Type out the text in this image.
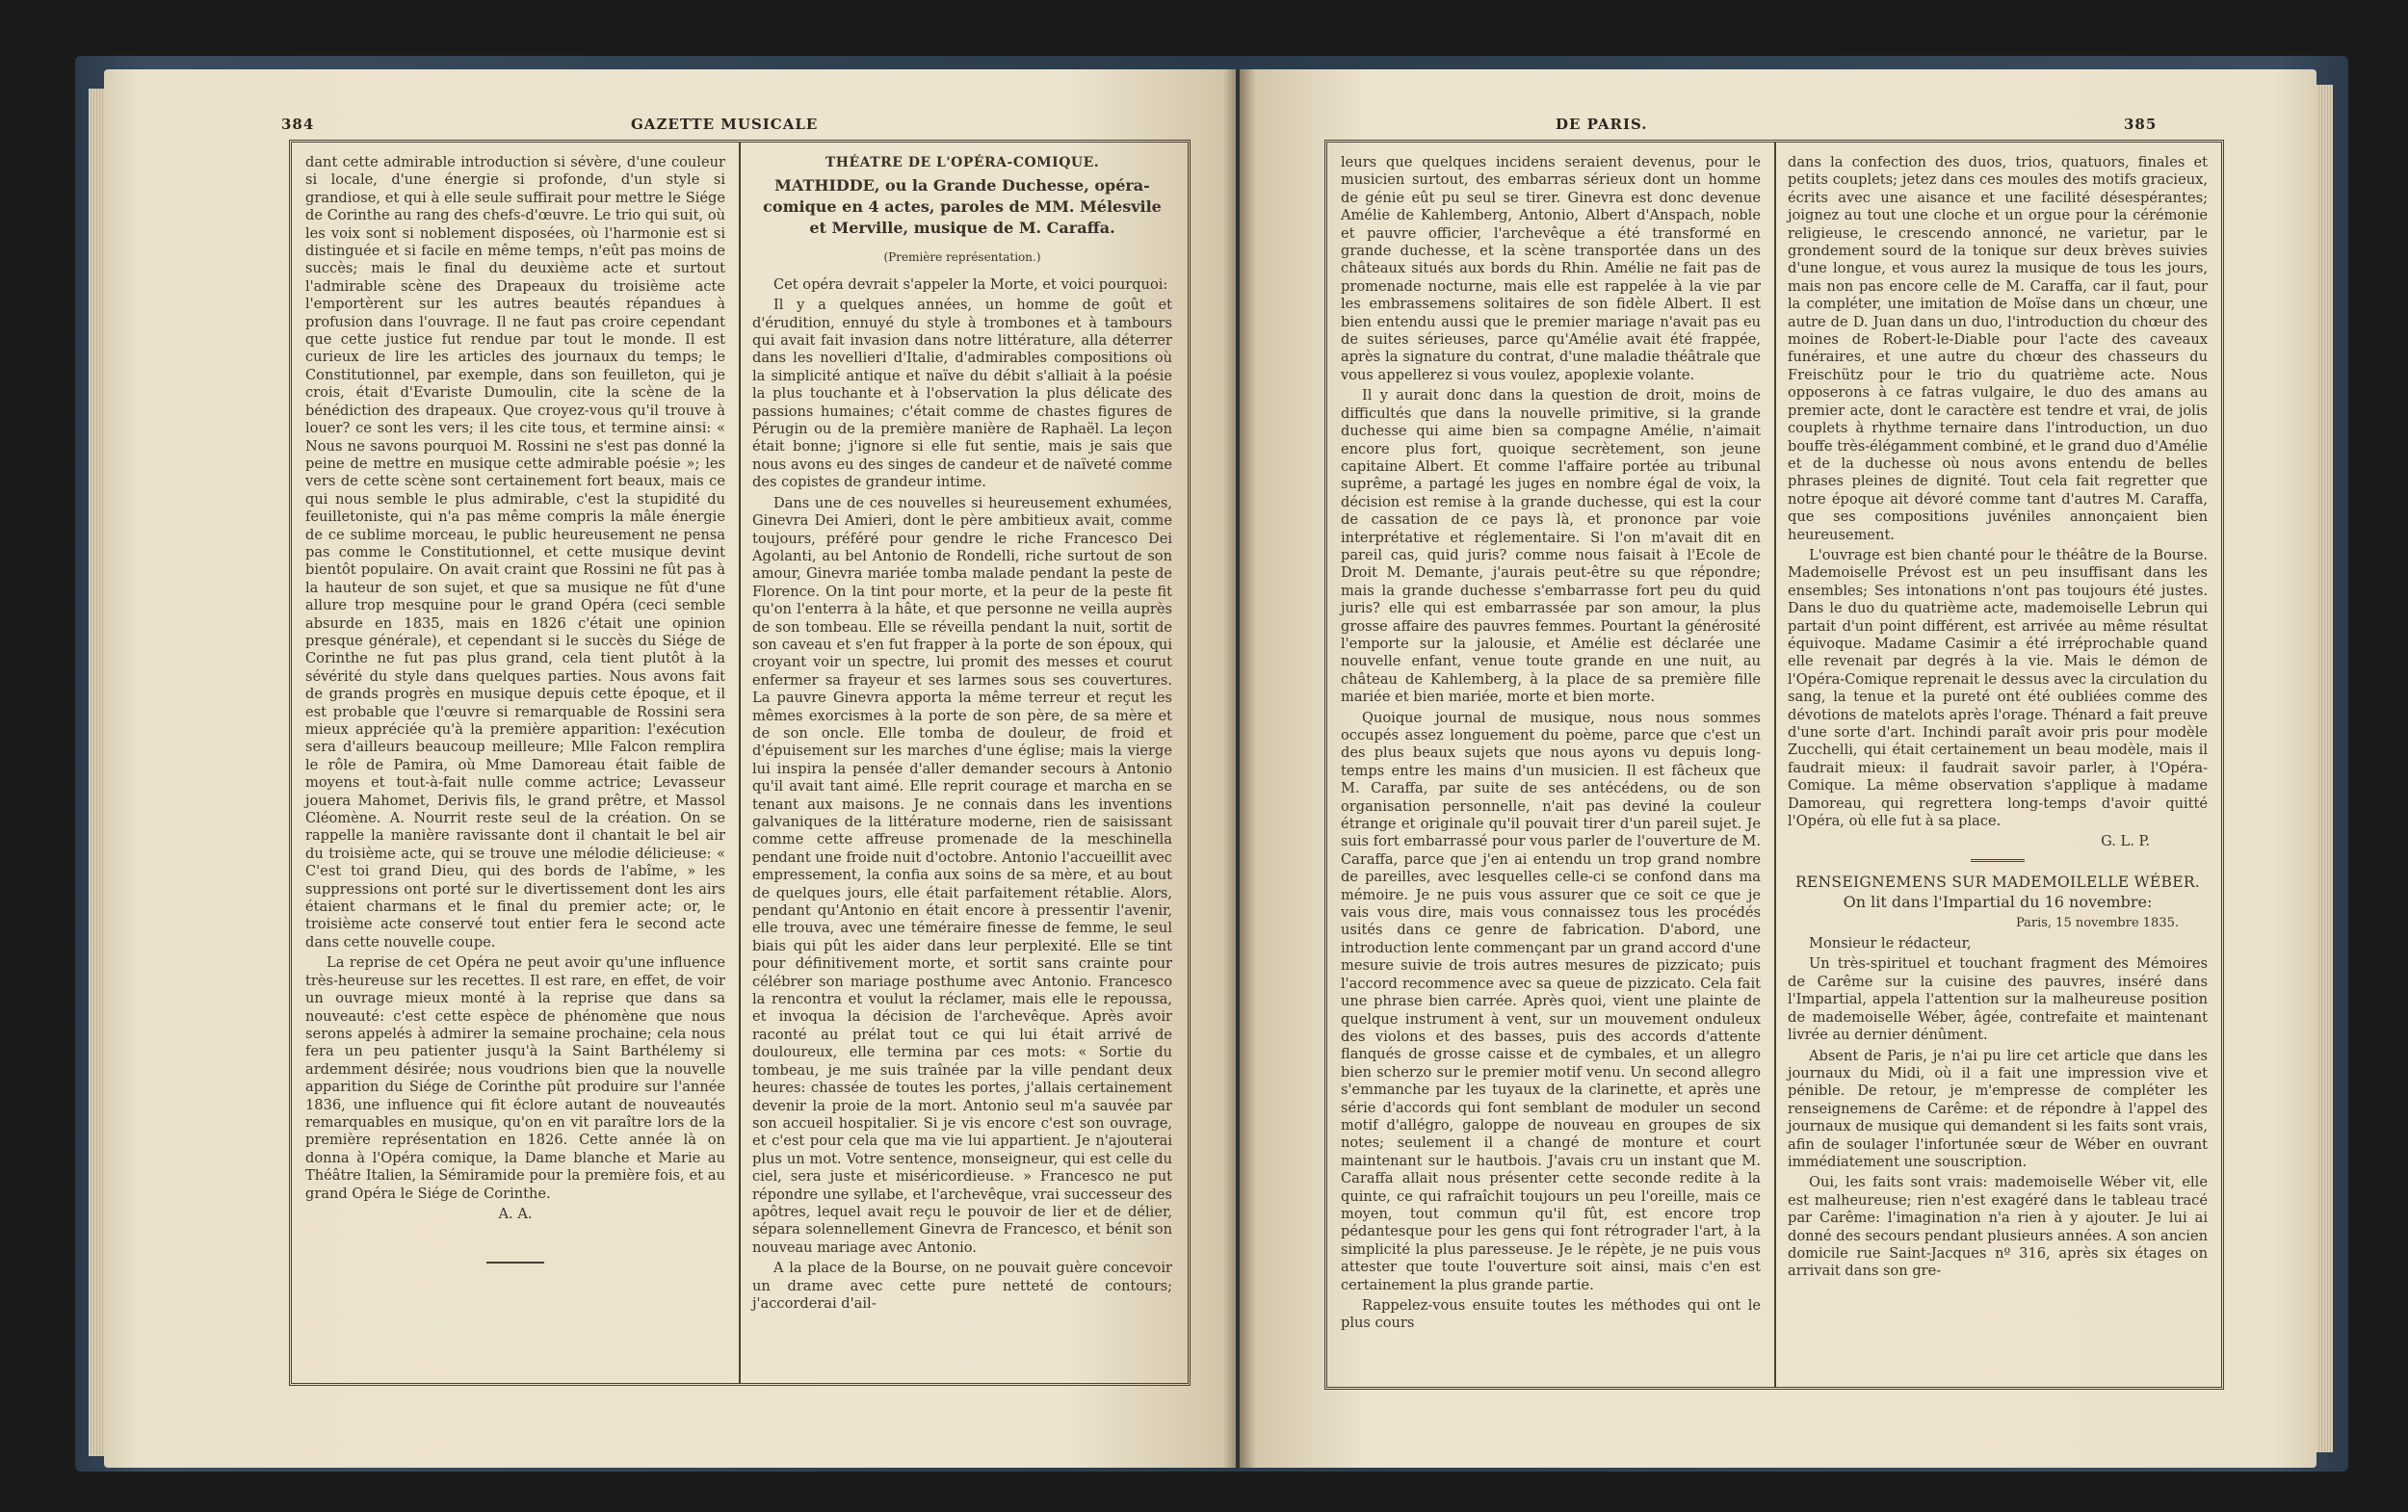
384	GAZETTE MUSICALE	DE PARIS.	385

dant cette admirable introduction si sévère, d'une couleur si locale, d'une énergie si profonde, d'un style si grandiose, et qui à elle seule suffirait pour mettre le Siége de Corinthe au rang des chefs-d'œuvre. Le trio qui suit, où les voix sont si noblement disposées, où l'harmonie est si distinguée et si facile en même temps, n'eût pas moins de succès; mais le final du deuxième acte et surtout l'admirable scène des Drapeaux du troisième acte l'emportèrent sur les autres beautés répandues à profusion dans l'ouvrage. Il ne faut pas croire cependant que cette justice fut rendue par tout le monde. Il est curieux de lire les articles des journaux du temps; le Constitutionnel, par exemple, dans son feuilleton, qui je crois, était d'Evariste Dumoulin, cite la scène de la bénédiction des drapeaux. Que croyez-vous qu'il trouve à louer? ce sont les vers; il les cite tous, et termine ainsi: « Nous ne savons pourquoi M. Rossini ne s'est pas donné la peine de mettre en musique cette admirable poésie »; les vers de cette scène sont certainement fort beaux, mais ce qui nous semble le plus admirable, c'est la stupidité du feuilletoniste, qui n'a pas même compris la mâle énergie de ce sublime morceau, le public heureusement ne pensa pas comme le Constitutionnel, et cette musique devint bientôt populaire. On avait craint que Rossini ne fût pas à la hauteur de son sujet, et que sa musique ne fût d'une allure trop mesquine pour le grand Opéra (ceci semble absurde en 1835, mais en 1826 c'était une opinion presque générale), et cependant si le succès du Siége de Corinthe ne fut pas plus grand, cela tient plutôt à la sévérité du style dans quelques parties. Nous avons fait de grands progrès en musique depuis cette époque, et il est probable que l'œuvre si remarquable de Rossini sera mieux appréciée qu'à la première apparition: l'exécution sera d'ailleurs beaucoup meilleure; Mlle Falcon remplira le rôle de Pamira, où Mme Damoreau était faible de moyens et tout-à-fait nulle comme actrice; Levasseur jouera Mahomet, Derivis fils, le grand prêtre, et Massol Cléomène. A. Nourrit reste seul de la création. On se rappelle la manière ravissante dont il chantait le bel air du troisième acte, qui se trouve une mélodie délicieuse: « C'est toi grand Dieu, qui des bords de l'abîme, » les suppressions ont porté sur le divertissement dont les airs étaient charmans et le final du premier acte; or, le troisième acte conservé tout entier fera le second acte dans cette nouvelle coupe.

La reprise de cet Opéra ne peut avoir qu'une influence très-heureuse sur les recettes. Il est rare, en effet, de voir un ouvrage mieux monté à la reprise que dans sa nouveauté: c'est cette espèce de phénomène que nous serons appelés à admirer la semaine prochaine; cela nous fera un peu patienter jusqu'à la Saint Barthélemy si ardemment désirée; nous voudrions bien que la nouvelle apparition du Siége de Corinthe pût produire sur l'année 1836, une influence qui fit éclore autant de nouveautés remarquables en musique, qu'on en vit paraître lors de la première représentation en 1826. Cette année là on donna à l'Opéra comique, la Dame blanche et Marie au Théâtre Italien, la Sémiramide pour la première fois, et au grand Opéra le Siége de Corinthe.

A. A.

THÉATRE DE L'OPÉRA-COMIQUE.

MATHIDDE, ou la Grande Duchesse, opéra-comique en 4 actes, paroles de MM. Mélesvile et Merville, musique de M. Caraffa.
(Première représentation.)

Cet opéra devrait s'appeler la Morte, et voici pourquoi:

Il y a quelques années, un homme de goût et d'érudition, ennuyé du style à trombones et à tambours qui avait fait invasion dans notre littérature, alla déterrer dans les novellieri d'Italie, d'admirables compositions où la simplicité antique et naïve du débit s'alliait à la poésie la plus touchante et à l'observation la plus délicate des passions humaines; c'était comme de chastes figures de Pérugin ou de la première manière de Raphaël. La leçon était bonne; j'ignore si elle fut sentie, mais je sais que nous avons eu des singes de candeur et de naïveté comme des copistes de grandeur intime.

Dans une de ces nouvelles si heureusement exhumées, Ginevra Dei Amieri, dont le père ambitieux avait, comme toujours, préféré pour gendre le riche Francesco Dei Agolanti, au bel Antonio de Rondelli, riche surtout de son amour, Ginevra mariée tomba malade pendant la peste de Florence. On la tint pour morte, et la peur de la peste fit qu'on l'enterra à la hâte, et que personne ne veilla auprès de son tombeau. Elle se réveilla pendant la nuit, sortit de son caveau et s'en fut frapper à la porte de son époux, qui croyant voir un spectre, lui promit des messes et courut enfermer sa frayeur et ses larmes sous ses couvertures. La pauvre Ginevra apporta la même terreur et reçut les mêmes exorcismes à la porte de son père, de sa mère et de son oncle. Elle tomba de douleur, de froid et d'épuisement sur les marches d'une église; mais la vierge lui inspira la pensée d'aller demander secours à Antonio qu'il avait tant aimé. Elle reprit courage et marcha en se tenant aux maisons. Je ne connais dans les inventions galvaniques de la littérature moderne, rien de saisissant comme cette affreuse promenade de la meschinella pendant une froide nuit d'octobre. Antonio l'accueillit avec empressement, la confia aux soins de sa mère, et au bout de quelques jours, elle était parfaitement rétablie. Alors, pendant qu'Antonio en était encore à pressentir l'avenir, elle trouva, avec une téméraire finesse de femme, le seul biais qui pût les aider dans leur perplexité. Elle se tint pour définitivement morte, et sortit sans crainte pour célébrer son mariage posthume avec Antonio. Francesco la rencontra et voulut la réclamer, mais elle le repoussa, et invoqua la décision de l'archevêque. Après avoir raconté au prélat tout ce qui lui était arrivé de douloureux, elle termina par ces mots: « Sortie du tombeau, je me suis traînée par la ville pendant deux heures: chassée de toutes les portes, j'allais certainement devenir la proie de la mort. Antonio seul m'a sauvée par son accueil hospitalier. Si je vis encore c'est son ouvrage, et c'est pour cela que ma vie lui appartient. Je n'ajouterai plus un mot. Votre sentence, monseigneur, qui est celle du ciel, sera juste et miséricordieuse. » Francesco ne put répondre une syllabe, et l'archevêque, vrai successeur des apôtres, lequel avait reçu le pouvoir de lier et de délier, sépara solennellement Ginevra de Francesco, et bénit son nouveau mariage avec Antonio.

A la place de la Bourse, on ne pouvait guère concevoir un drame avec cette pure netteté de contours; j'accorderai d'ail-

leurs que quelques incidens seraient devenus, pour le musicien surtout, des embarras sérieux dont un homme de génie eût pu seul se tirer. Ginevra est donc devenue Amélie de Kahlemberg, Antonio, Albert d'Anspach, noble et pauvre officier, l'archevêque a été transformé en grande duchesse, et la scène transportée dans un des châteaux situés aux bords du Rhin. Amélie ne fait pas de promenade nocturne, mais elle est rappelée à la vie par les embrassemens solitaires de son fidèle Albert. Il est bien entendu aussi que le premier mariage n'avait pas eu de suites sérieuses, parce qu'Amélie avait été frappée, après la signature du contrat, d'une maladie théâtrale que vous appellerez si vous voulez, apoplexie volante.

Il y aurait donc dans la question de droit, moins de difficultés que dans la nouvelle primitive, si la grande duchesse qui aime bien sa compagne Amélie, n'aimait encore plus fort, quoique secrètement, son jeune capitaine Albert. Et comme l'affaire portée au tribunal suprême, a partagé les juges en nombre égal de voix, la décision est remise à la grande duchesse, qui est la cour de cassation de ce pays là, et prononce par voie interprétative et réglementaire. Si l'on m'avait dit en pareil cas, quid juris? comme nous faisait à l'Ecole de Droit M. Demante, j'aurais peut-être su que répondre; mais la grande duchesse s'embarrasse fort peu du quid juris? elle qui est embarrassée par son amour, la plus grosse affaire des pauvres femmes. Pourtant la générosité l'emporte sur la jalousie, et Amélie est déclarée une nouvelle enfant, venue toute grande en une nuit, au château de Kahlemberg, à la place de sa première fille mariée et bien mariée, morte et bien morte.

Quoique journal de musique, nous nous sommes occupés assez longuement du poème, parce que c'est un des plus beaux sujets que nous ayons vu depuis long-temps entre les mains d'un musicien. Il est fâcheux que M. Caraffa, par suite de ses antécédens, ou de son organisation personnelle, n'ait pas deviné la couleur étrange et originale qu'il pouvait tirer d'un pareil sujet. Je suis fort embarrassé pour vous parler de l'ouverture de M. Caraffa, parce que j'en ai entendu un trop grand nombre de pareilles, avec lesquelles celle-ci se confond dans ma mémoire. Je ne puis vous assurer que ce soit ce que je vais vous dire, mais vous connaissez tous les procédés usités dans ce genre de fabrication. D'abord, une introduction lente commençant par un grand accord d'une mesure suivie de trois autres mesures de pizzicato; puis l'accord recommence avec sa queue de pizzicato. Cela fait une phrase bien carrée. Après quoi, vient une plainte de quelque instrument à vent, sur un mouvement onduleux des violons et des basses, puis des accords d'attente flanqués de grosse caisse et de cymbales, et un allegro bien scherzo sur le premier motif venu. Un second allegro s'emmanche par les tuyaux de la clarinette, et après une série d'accords qui font semblant de moduler un second motif d'allégro, galoppe de nouveau en groupes de six notes; seulement il a changé de monture et court maintenant sur le hautbois. J'avais cru un instant que M. Caraffa allait nous présenter cette seconde redite à la quinte, ce qui rafraîchit toujours un peu l'oreille, mais ce moyen, tout commun qu'il fût, est encore trop pédantesque pour les gens qui font rétrograder l'art, à la simplicité la plus paresseuse. Je le répète, je ne puis vous attester que toute l'ouverture soit ainsi, mais c'en est certainement la plus grande partie.

Rappelez-vous ensuite toutes les méthodes qui ont le plus cours

dans la confection des duos, trios, quatuors, finales et petits couplets; jetez dans ces moules des motifs gracieux, écrits avec une aisance et une facilité désespérantes; joignez au tout une cloche et un orgue pour la cérémonie religieuse, le crescendo annoncé, ne varietur, par le grondement sourd de la tonique sur deux brèves suivies d'une longue, et vous aurez la musique de tous les jours, mais non pas encore celle de M. Caraffa, car il faut, pour la compléter, une imitation de Moïse dans un chœur, une autre de D. Juan dans un duo, l'introduction du chœur des moines de Robert-le-Diable pour l'acte des caveaux funéraires, et une autre du chœur des chasseurs du Freischütz pour le trio du quatrième acte. Nous opposerons à ce fatras vulgaire, le duo des amans au premier acte, dont le caractère est tendre et vrai, de jolis couplets à rhythme ternaire dans l'introduction, un duo bouffe très-élégamment combiné, et le grand duo d'Amélie et de la duchesse où nous avons entendu de belles phrases pleines de dignité. Tout cela fait regretter que notre époque ait dévoré comme tant d'autres M. Caraffa, que ses compositions juvéniles annonçaient bien heureusement.

L'ouvrage est bien chanté pour le théâtre de la Bourse. Mademoiselle Prévost est un peu insuffisant dans les ensembles; Ses intonations n'ont pas toujours été justes. Dans le duo du quatrième acte, mademoiselle Lebrun qui partait d'un point différent, est arrivée au même résultat équivoque. Madame Casimir a été irréprochable quand elle revenait par degrés à la vie. Mais le démon de l'Opéra-Comique reprenait le dessus avec la circulation du sang, la tenue et la pureté ont été oubliées comme des dévotions de matelots après l'orage. Thénard a fait preuve d'une sorte d'art. Inchindi paraît avoir pris pour modèle Zucchelli, qui était certainement un beau modèle, mais il faudrait mieux: il faudrait savoir parler, à l'Opéra-Comique. La même observation s'applique à madame Damoreau, qui regrettera long-temps d'avoir quitté l'Opéra, où elle fut à sa place.

G. L. P.

RENSEIGNEMENS SUR MADEMOILELLE WÉBER.

On lit dans l'Impartial du 16 novembre:

Paris, 15 novembre 1835.

Monsieur le rédacteur,

Un très-spirituel et touchant fragment des Mémoires de Carême sur la cuisine des pauvres, inséré dans l'Impartial, appela l'attention sur la malheureuse position de mademoiselle Wéber, âgée, contrefaite et maintenant livrée au dernier dénûment.

Absent de Paris, je n'ai pu lire cet article que dans les journaux du Midi, où il a fait une impression vive et pénible. De retour, je m'empresse de compléter les renseignemens de Carême: et de répondre à l'appel des journaux de musique qui demandent si les faits sont vrais, afin de soulager l'infortunée sœur de Wéber en ouvrant immédiatement une souscription.

Oui, les faits sont vrais: mademoiselle Wéber vit, elle est malheureuse; rien n'est exagéré dans le tableau tracé par Carême: l'imagination n'a rien à y ajouter. Je lui ai donné des secours pendant plusieurs années. A son ancien domicile rue Saint-Jacques nº 316, après six étages on arrivait dans son gre-
